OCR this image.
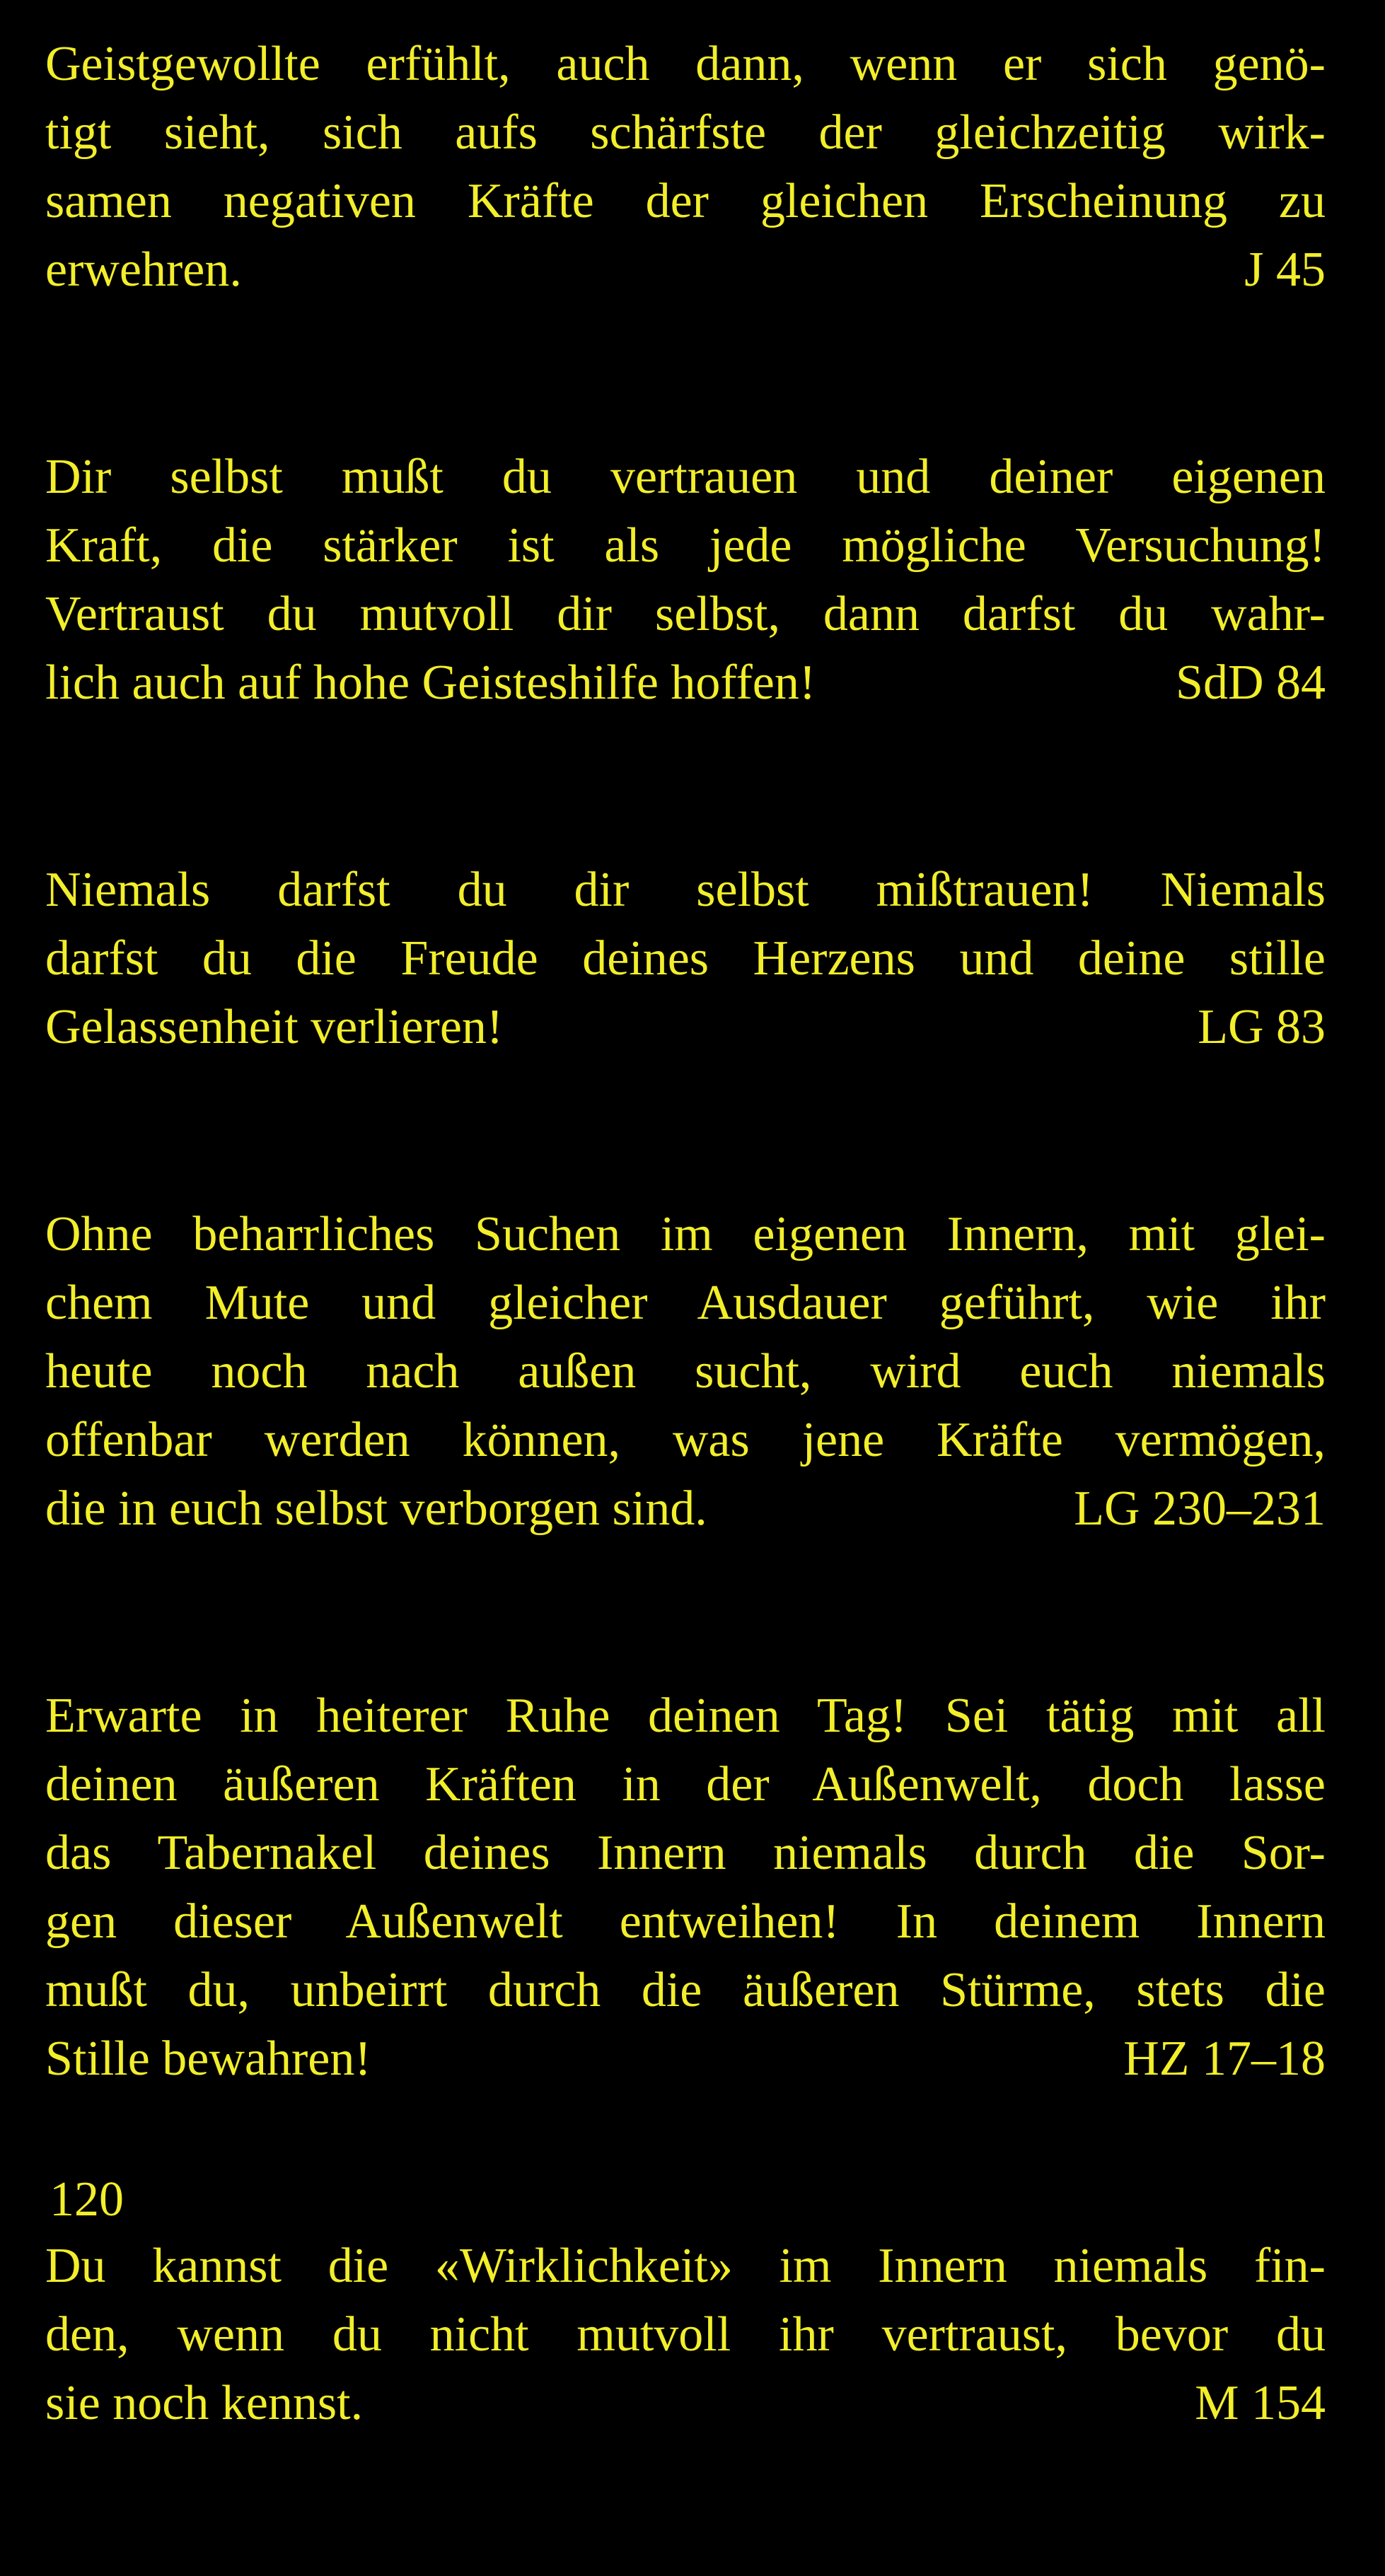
Geistgewollte erfühlt, auch dann, wenn er sich genö-
tigt sieht, sich aufs schärfste der gleichzeitig wirk-
samen negativen Kräfte der gleichen Erscheinung zu
erwehren.	J 45
Dir selbst mußt du vertrauen und deiner eigenen
Kraft, die stärker ist als jede mögliche Versuchung!
Vertraust du mutvoll dir selbst, dann darfst du wahr-
lich auch auf hohe Geisteshilfe hoffen!	SdD 84
Niemals darfst du dir selbst mißtrauen! Niemals
darfst du die Freude deines Herzens und deine stille
Gelassenheit verlieren!	LG 83
Ohne beharrliches Suchen im eigenen Innern, mit glei-
chem Mute und gleicher Ausdauer geführt, wie ihr
heute noch nach außen sucht, wird euch niemals
offenbar werden können, was jene Kräfte vermögen,
die in euch selbst verborgen sind.	LG 230–231
Erwarte in heiterer Ruhe deinen Tag! Sei tätig mit all
deinen äußeren Kräften in der Außenwelt, doch lasse
das Tabernakel deines Innern niemals durch die Sor-
gen dieser Außenwelt entweihen! In deinem Innern
mußt du, unbeirrt durch die äußeren Stürme, stets die
Stille bewahren!	HZ 17–18
Du kannst die «Wirklichkeit» im Innern niemals fin-
den, wenn du nicht mutvoll ihr vertraust, bevor du
sie noch kennst.	M 154
120
